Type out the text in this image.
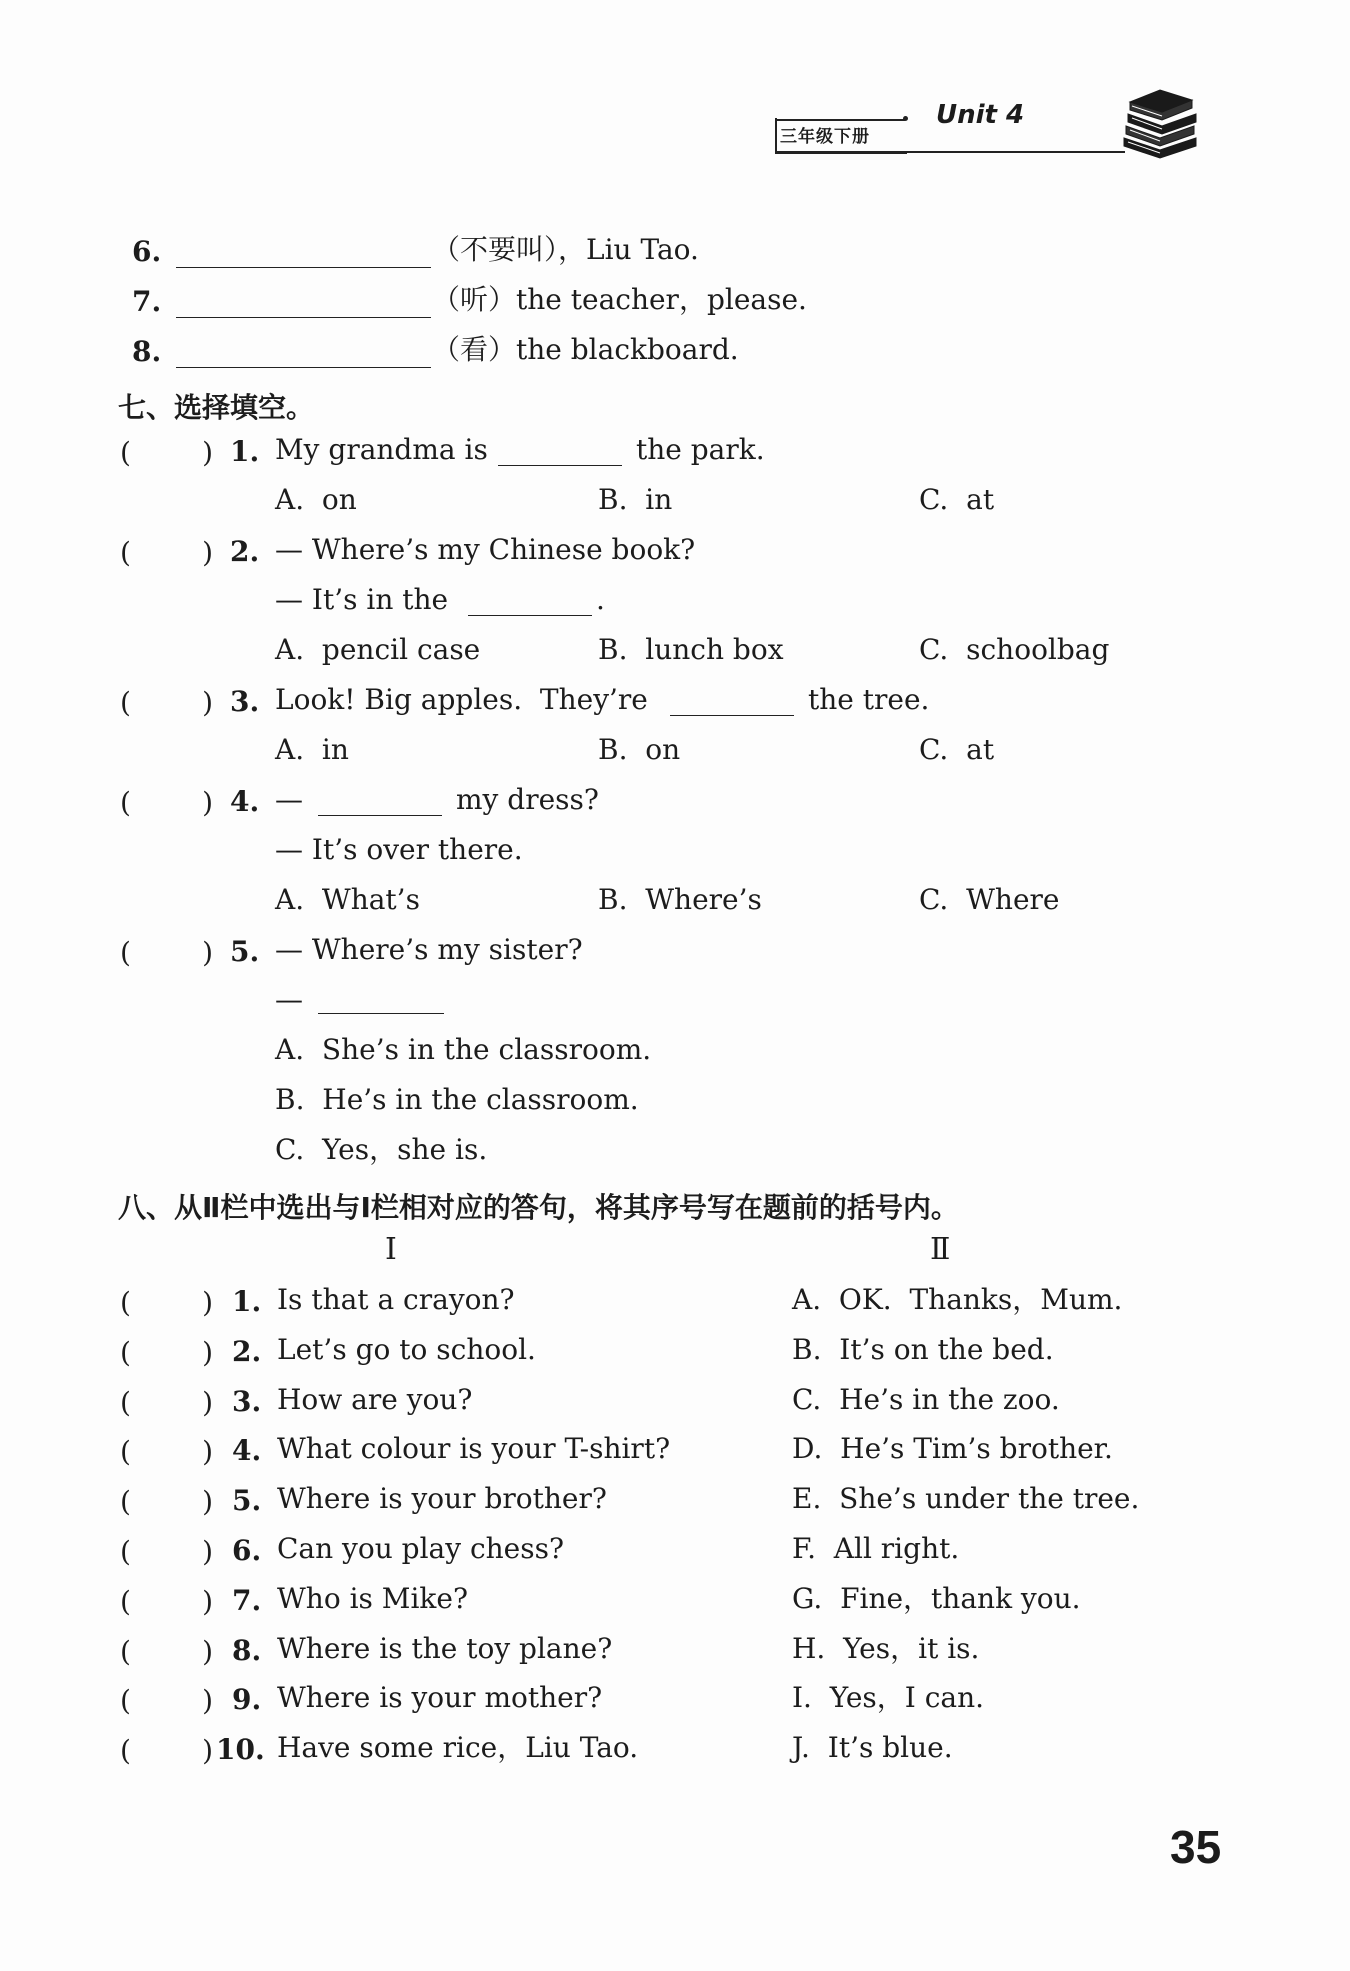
三年级下册
Unit 4
6.	（不要叫），Liu Tao.
7.	（听）the teacher，please.
8.	（看）the blackboard.
七、选择填空。
(        ) 1. My grandma is	the park.
A.  on	B.  in	C.  at
(        ) 2. — Where’s my Chinese book?
— It’s in the	.
A.  pencil case	B.  lunch box	C.  schoolbag
(        ) 3. Look! Big apples.  They’re	the tree.
A.  in	B.  on	C.  at
(        ) 4. —	my dress?
— It’s over there.
A.  What’s	B.  Where’s	C.  Where
(        ) 5. — Where’s my sister?
—
A.  She’s in the classroom.
B.  He’s in the classroom.
C.  Yes，she is.
八、从Ⅱ栏中选出与Ⅰ栏相对应的答句，将其序号写在题前的括号内。
Ⅰ	Ⅱ
(        ) 1. Is that a crayon?	A.  OK.  Thanks，Mum.
(        ) 2. Let’s go to school.	B.  It’s on the bed.
(        ) 3. How are you?	C.  He’s in the zoo.
(        ) 4. What colour is your T-shirt?	D.  He’s Tim’s brother.
(        ) 5. Where is your brother?	E.  She’s under the tree.
(        ) 6. Can you play chess?	F.  All right.
(        ) 7. Who is Mike?	G.  Fine，thank you.
(        ) 8. Where is the toy plane?	H.  Yes，it is.
(        ) 9. Where is your mother?	I.  Yes，I can.
(        ) 10. Have some rice，Liu Tao.	J.  It’s blue.
35
